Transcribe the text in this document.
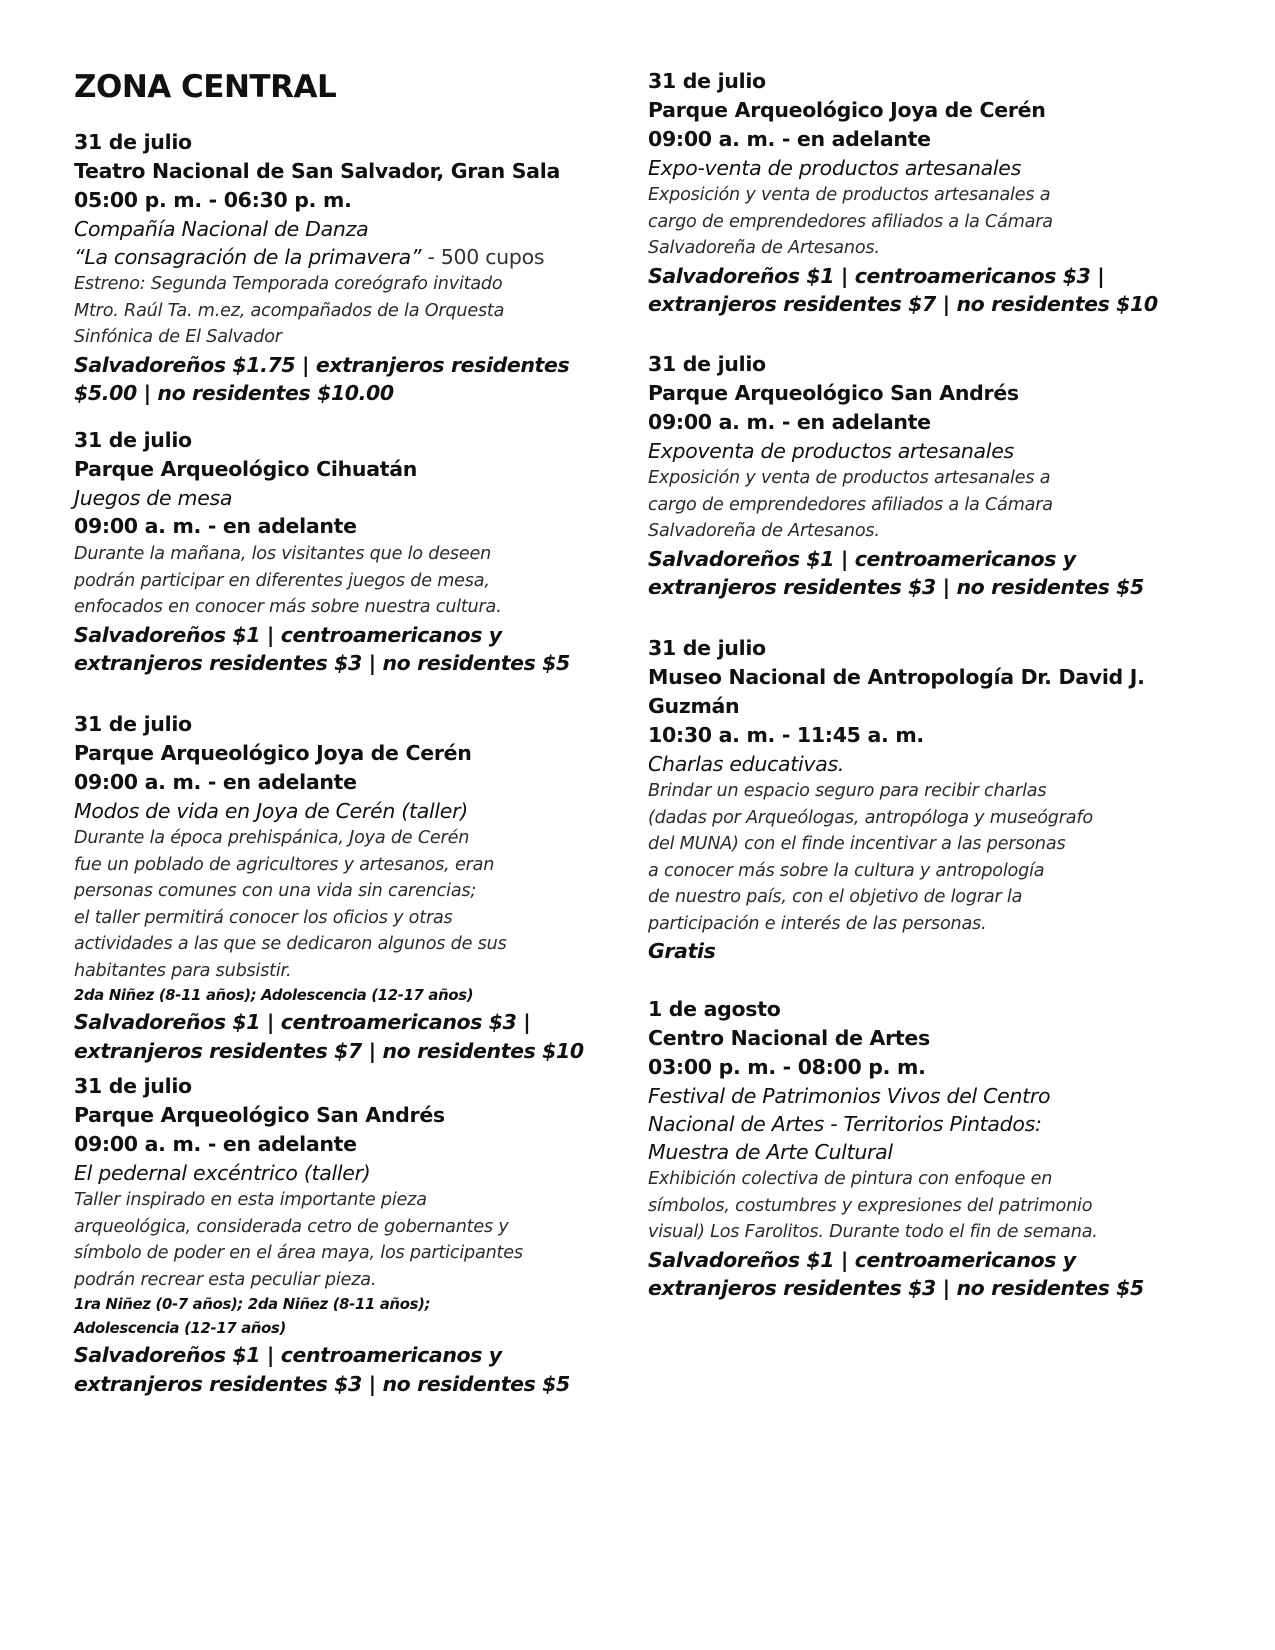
ZONA CENTRAL
31 de julio
Teatro Nacional de San Salvador, Gran Sala
05:00 p. m. - 06:30 p. m.
Compañía Nacional de Danza
“La consagración de la primavera” - 500 cupos
Estreno: Segunda Temporada coreógrafo invitado
Mtro. Raúl Ta. m.ez, acompañados de la Orquesta
Sinfónica de El Salvador
Salvadoreños $1.75 | extranjeros residentes
$5.00 | no residentes $10.00
31 de julio
Parque Arqueológico Cihuatán
Juegos de mesa
09:00 a. m. - en adelante
Durante la mañana, los visitantes que lo deseen
podrán participar en diferentes juegos de mesa,
enfocados en conocer más sobre nuestra cultura.
Salvadoreños $1 | centroamericanos y
extranjeros residentes $3 | no residentes $5
31 de julio
Parque Arqueológico Joya de Cerén
09:00 a. m. - en adelante
Modos de vida en Joya de Cerén (taller)
Durante la época prehispánica, Joya de Cerén
fue un poblado de agricultores y artesanos, eran
personas comunes con una vida sin carencias;
el taller permitirá conocer los oficios y otras
actividades a las que se dedicaron algunos de sus
habitantes para subsistir.
2da Niñez (8-11 años); Adolescencia (12-17 años)
Salvadoreños $1 | centroamericanos $3 |
extranjeros residentes $7 | no residentes $10
31 de julio
Parque Arqueológico San Andrés
09:00 a. m. - en adelante
El pedernal excéntrico (taller)
Taller inspirado en esta importante pieza
arqueológica, considerada cetro de gobernantes y
símbolo de poder en el área maya, los participantes
podrán recrear esta peculiar pieza.
1ra Niñez (0-7 años); 2da Niñez (8-11 años);
Adolescencia (12-17 años)
Salvadoreños $1 | centroamericanos y
extranjeros residentes $3 | no residentes $5
31 de julio
Parque Arqueológico Joya de Cerén
09:00 a. m. - en adelante
Expo-venta de productos artesanales
Exposición y venta de productos artesanales a
cargo de emprendedores afiliados a la Cámara
Salvadoreña de Artesanos.
Salvadoreños $1 | centroamericanos $3 |
extranjeros residentes $7 | no residentes $10
31 de julio
Parque Arqueológico San Andrés
09:00 a. m. - en adelante
Expoventa de productos artesanales
Exposición y venta de productos artesanales a
cargo de emprendedores afiliados a la Cámara
Salvadoreña de Artesanos.
Salvadoreños $1 | centroamericanos y
extranjeros residentes $3 | no residentes $5
31 de julio
Museo Nacional de Antropología Dr. David J.
Guzmán
10:30 a. m. - 11:45 a. m.
Charlas educativas.
Brindar un espacio seguro para recibir charlas
(dadas por Arqueólogas, antropóloga y museógrafo
del MUNA) con el finde incentivar a las personas
a conocer más sobre la cultura y antropología
de nuestro país, con el objetivo de lograr la
participación e interés de las personas.
Gratis
1 de agosto
Centro Nacional de Artes
03:00 p. m. - 08:00 p. m.
Festival de Patrimonios Vivos del Centro
Nacional de Artes - Territorios Pintados:
Muestra de Arte Cultural
Exhibición colectiva de pintura con enfoque en
símbolos, costumbres y expresiones del patrimonio
visual) Los Farolitos. Durante todo el fin de semana.
Salvadoreños $1 | centroamericanos y
extranjeros residentes $3 | no residentes $5
